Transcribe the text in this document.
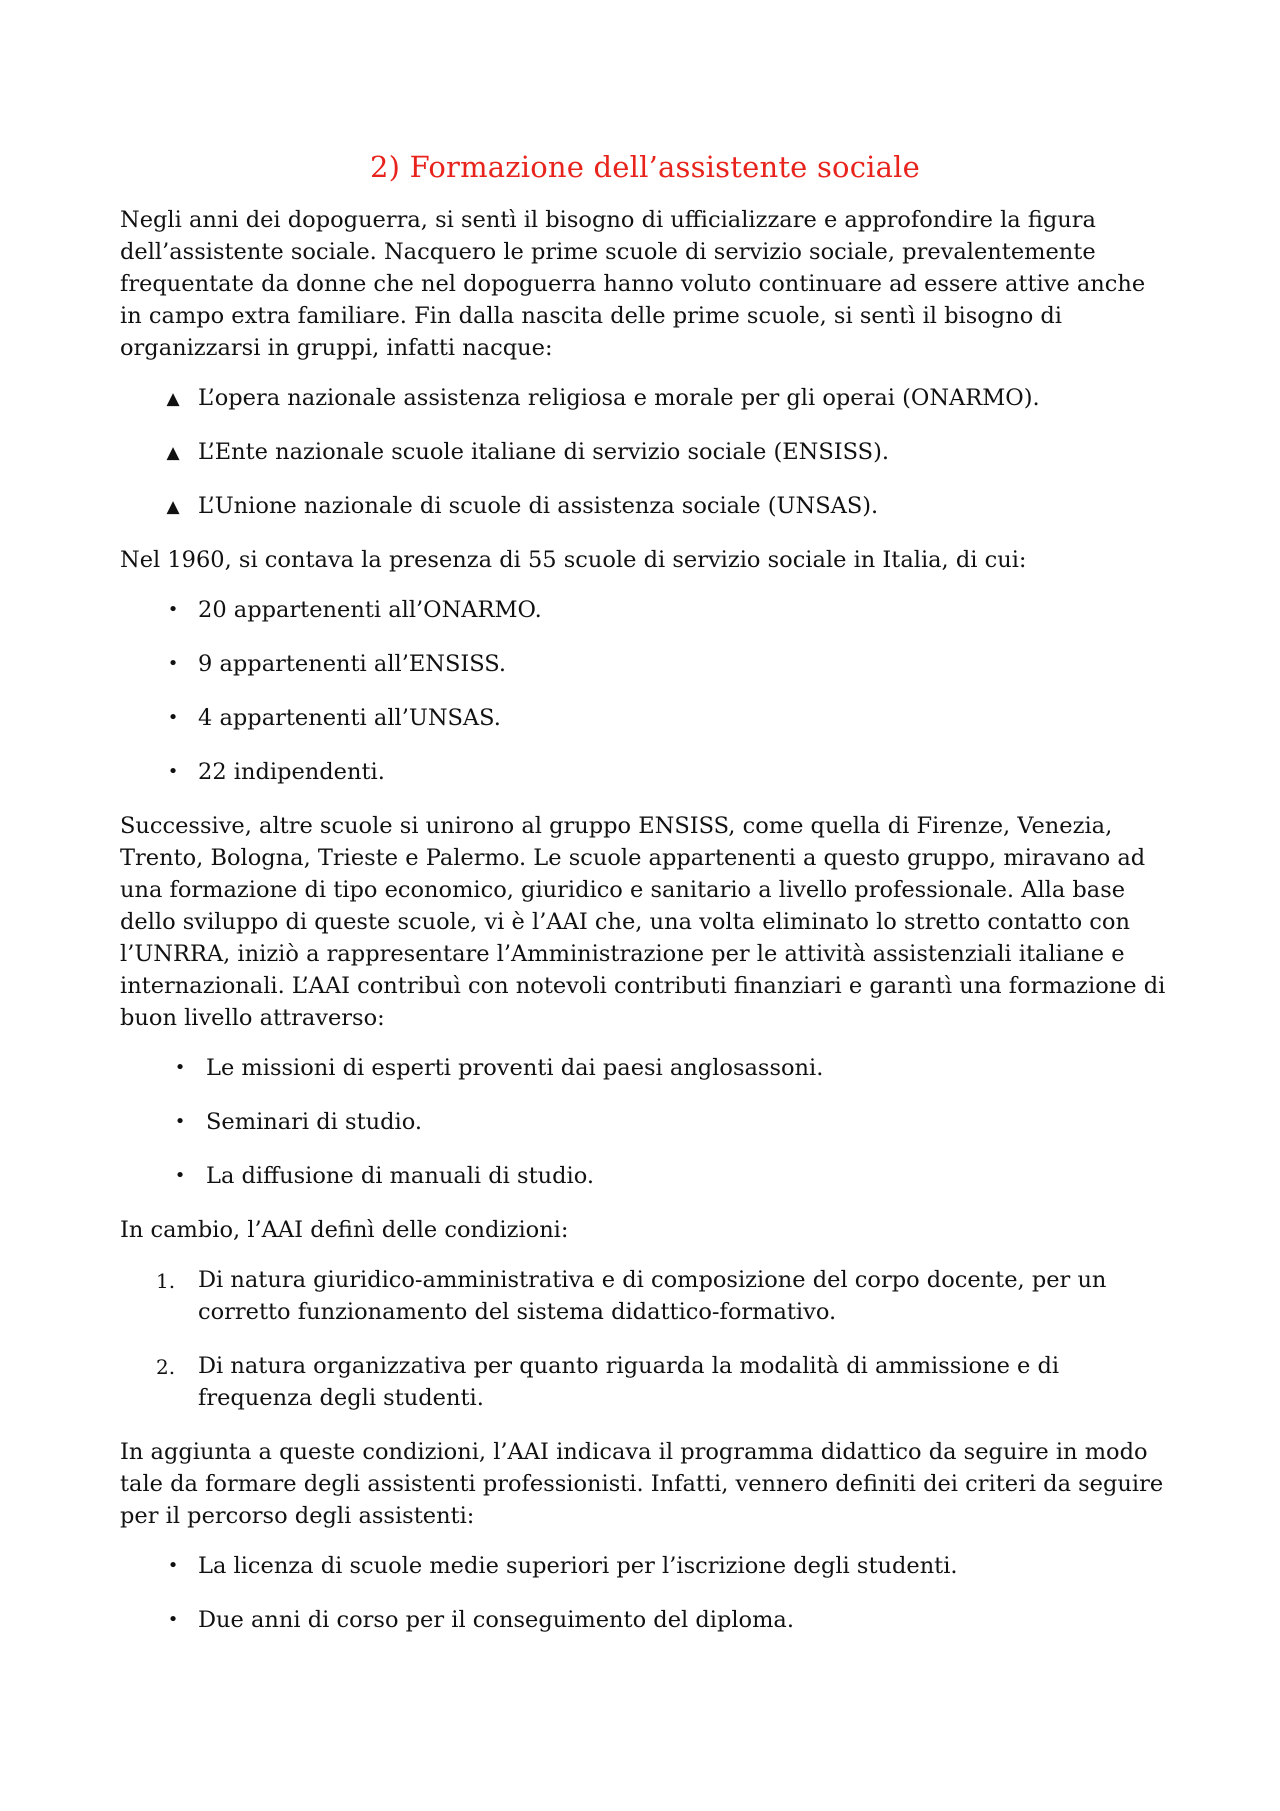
2) Formazione dell’assistente sociale

Negli anni dei dopoguerra, si sentì il bisogno di ufficializzare e approfondire la figura dell’assistente sociale. Nacquero le prime scuole di servizio sociale, prevalentemente frequentate da donne che nel dopoguerra hanno voluto continuare ad essere attive anche in campo extra familiare. Fin dalla nascita delle prime scuole, si sentì il bisogno di organizzarsi in gruppi, infatti nacque:

▲ L’opera nazionale assistenza religiosa e morale per gli operai (ONARMO).
▲ L’Ente nazionale scuole italiane di servizio sociale (ENSISS).
▲ L’Unione nazionale di scuole di assistenza sociale (UNSAS).

Nel 1960, si contava la presenza di 55 scuole di servizio sociale in Italia, di cui:

• 20 appartenenti all’ONARMO.
• 9 appartenenti all’ENSISS.
• 4 appartenenti all’UNSAS.
• 22 indipendenti.

Successive, altre scuole si unirono al gruppo ENSISS, come quella di Firenze, Venezia, Trento, Bologna, Trieste e Palermo. Le scuole appartenenti a questo gruppo, miravano ad una formazione di tipo economico, giuridico e sanitario a livello professionale. Alla base dello sviluppo di queste scuole, vi è l’AAI che, una volta eliminato lo stretto contatto con l’UNRRA, iniziò a rappresentare l’Amministrazione per le attività assistenziali italiane e internazionali. L’AAI contribuì con notevoli contributi finanziari e garantì una formazione di buon livello attraverso:

• Le missioni di esperti proventi dai paesi anglosassoni.
• Seminari di studio.
• La diffusione di manuali di studio.

In cambio, l’AAI definì delle condizioni:

1. Di natura giuridico-amministrativa e di composizione del corpo docente, per un corretto funzionamento del sistema didattico-formativo.
2. Di natura organizzativa per quanto riguarda la modalità di ammissione e di frequenza degli studenti.

In aggiunta a queste condizioni, l’AAI indicava il programma didattico da seguire in modo tale da formare degli assistenti professionisti. Infatti, vennero definiti dei criteri da seguire per il percorso degli assistenti:

• La licenza di scuole medie superiori per l’iscrizione degli studenti.
• Due anni di corso per il conseguimento del diploma.
